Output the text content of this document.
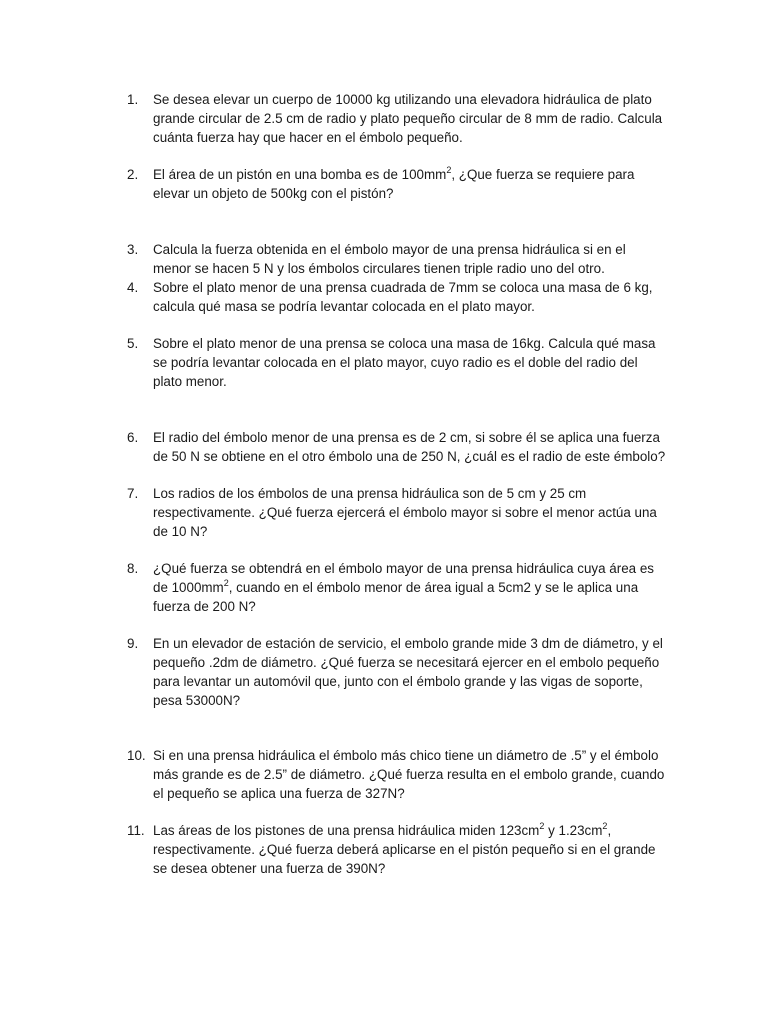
1.	Se desea elevar un cuerpo de 10000 kg utilizando una elevadora hidráulica de plato grande circular de 2.5 cm de radio y plato pequeño circular de 8 mm de radio. Calcula cuánta fuerza hay que hacer en el émbolo pequeño.
2.	El área de un pistón en una bomba es de $100mm^2$, ¿Que fuerza se requiere para elevar un objeto de 500kg con el pistón?
3.	Calcula la fuerza obtenida en el émbolo mayor de una prensa hidráulica si en el menor se hacen 5 N y los émbolos circulares tienen triple radio uno del otro.
4.	Sobre el plato menor de una prensa cuadrada de 7mm se coloca una masa de 6 kg, calcula qué masa se podría levantar colocada en el plato mayor.
5.	Sobre el plato menor de una prensa se coloca una masa de 16kg. Calcula qué masa se podría levantar colocada en el plato mayor, cuyo radio es el doble del radio del plato menor.
6.	El radio del émbolo menor de una prensa es de 2 cm, si sobre él se aplica una fuerza de 50 N se obtiene en el otro émbolo una de 250 N, ¿cuál es el radio de este émbolo?
7.	Los radios de los émbolos de una prensa hidráulica son de 5 cm y 25 cm respectivamente. ¿Qué fuerza ejercerá el émbolo mayor si sobre el menor actúa una de 10 N?
8.	¿Qué fuerza se obtendrá en el émbolo mayor de una prensa hidráulica cuya área es de $1000mm^2$, cuando en el émbolo menor de área igual a 5cm2 y se le aplica una fuerza de 200 N?
9.	En un elevador de estación de servicio, el embolo grande mide 3 dm de diámetro, y el pequeño .2dm de diámetro. ¿Qué fuerza se necesitará ejercer en el embolo pequeño para levantar un automóvil que, junto con el émbolo grande y las vigas de soporte, pesa 53000N?
10. Si en una prensa hidráulica el émbolo más chico tiene un diámetro de .5” y el émbolo más grande es de 2.5” de diámetro. ¿Qué fuerza resulta en el embolo grande, cuando el pequeño se aplica una fuerza de 327N?
11. Las áreas de los pistones de una prensa hidráulica miden $123cm^2$ y $1.23cm^2$, respectivamente. ¿Qué fuerza deberá aplicarse en el pistón pequeño si en el grande se desea obtener una fuerza de 390N?
